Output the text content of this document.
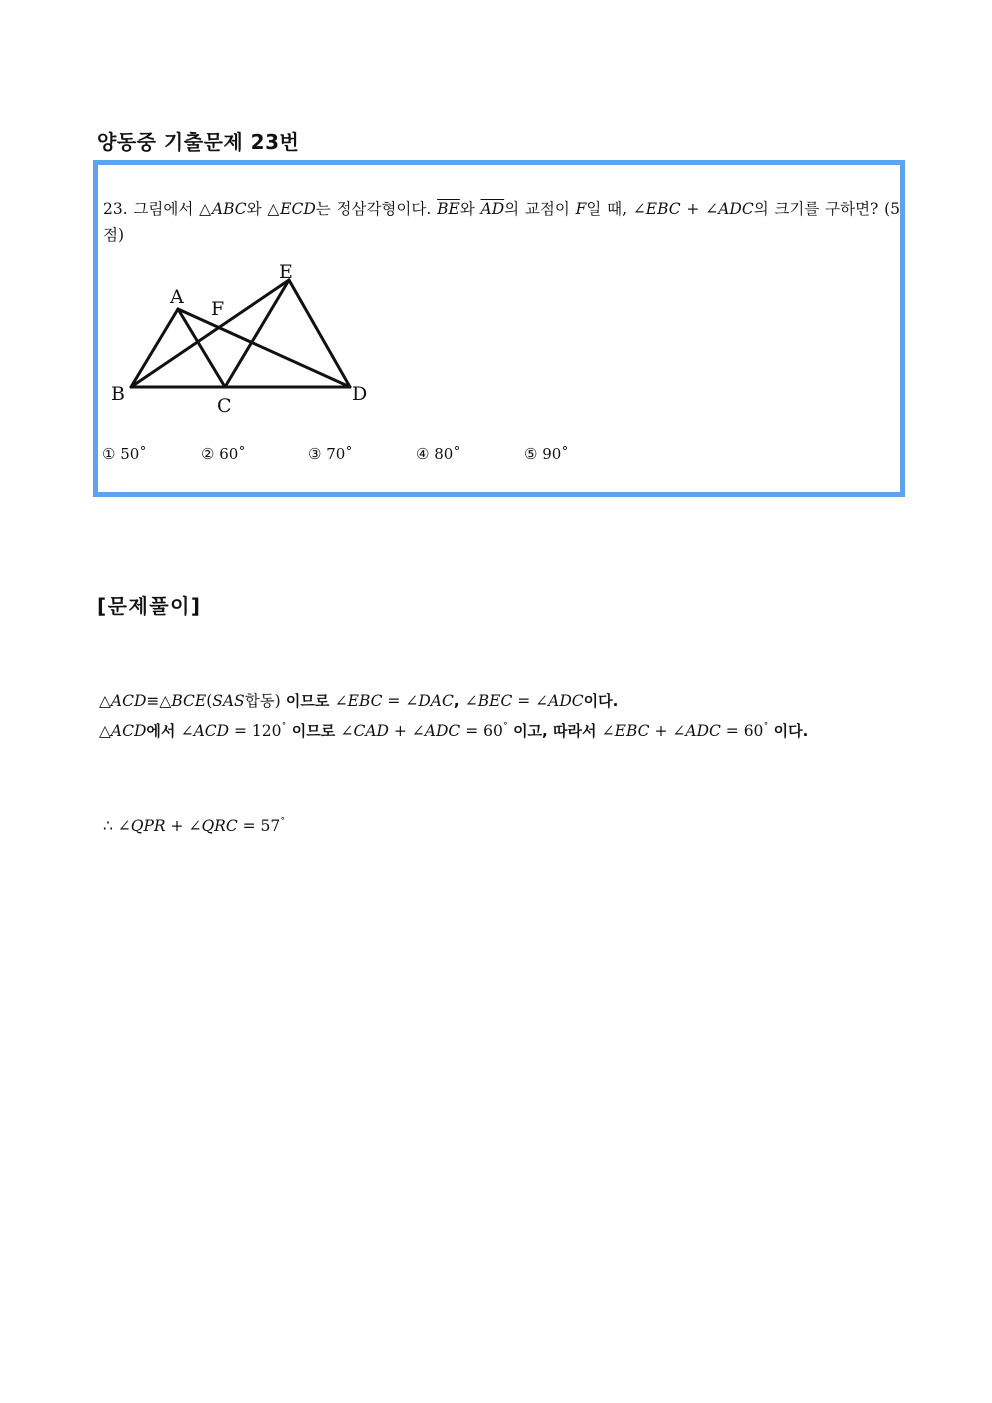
양동중 기출문제 23번
23. 그림에서 △ABC와 △ECD는 정삼각형이다. $\overline{BE}$와 $\overline{AD}$의 교점이 F일 때, ∠EBC + ∠ADC의 크기를 구하면? (5점)
A
F
E
B
C
D
① 50˚	② 60˚	③ 70˚	④ 80˚	⑤ 90˚
[문제풀이]
△ACD≡△BCE(SAS합동) 이므로 ∠EBC = ∠DAC, ∠BEC = ∠ADC이다.
△ACD에서 ∠ACD = 120˚ 이므로 ∠CAD + ∠ADC = 60˚ 이고, 따라서 ∠EBC + ∠ADC = 60˚ 이다.
∴ ∠QPR + ∠QRC = 57˚
